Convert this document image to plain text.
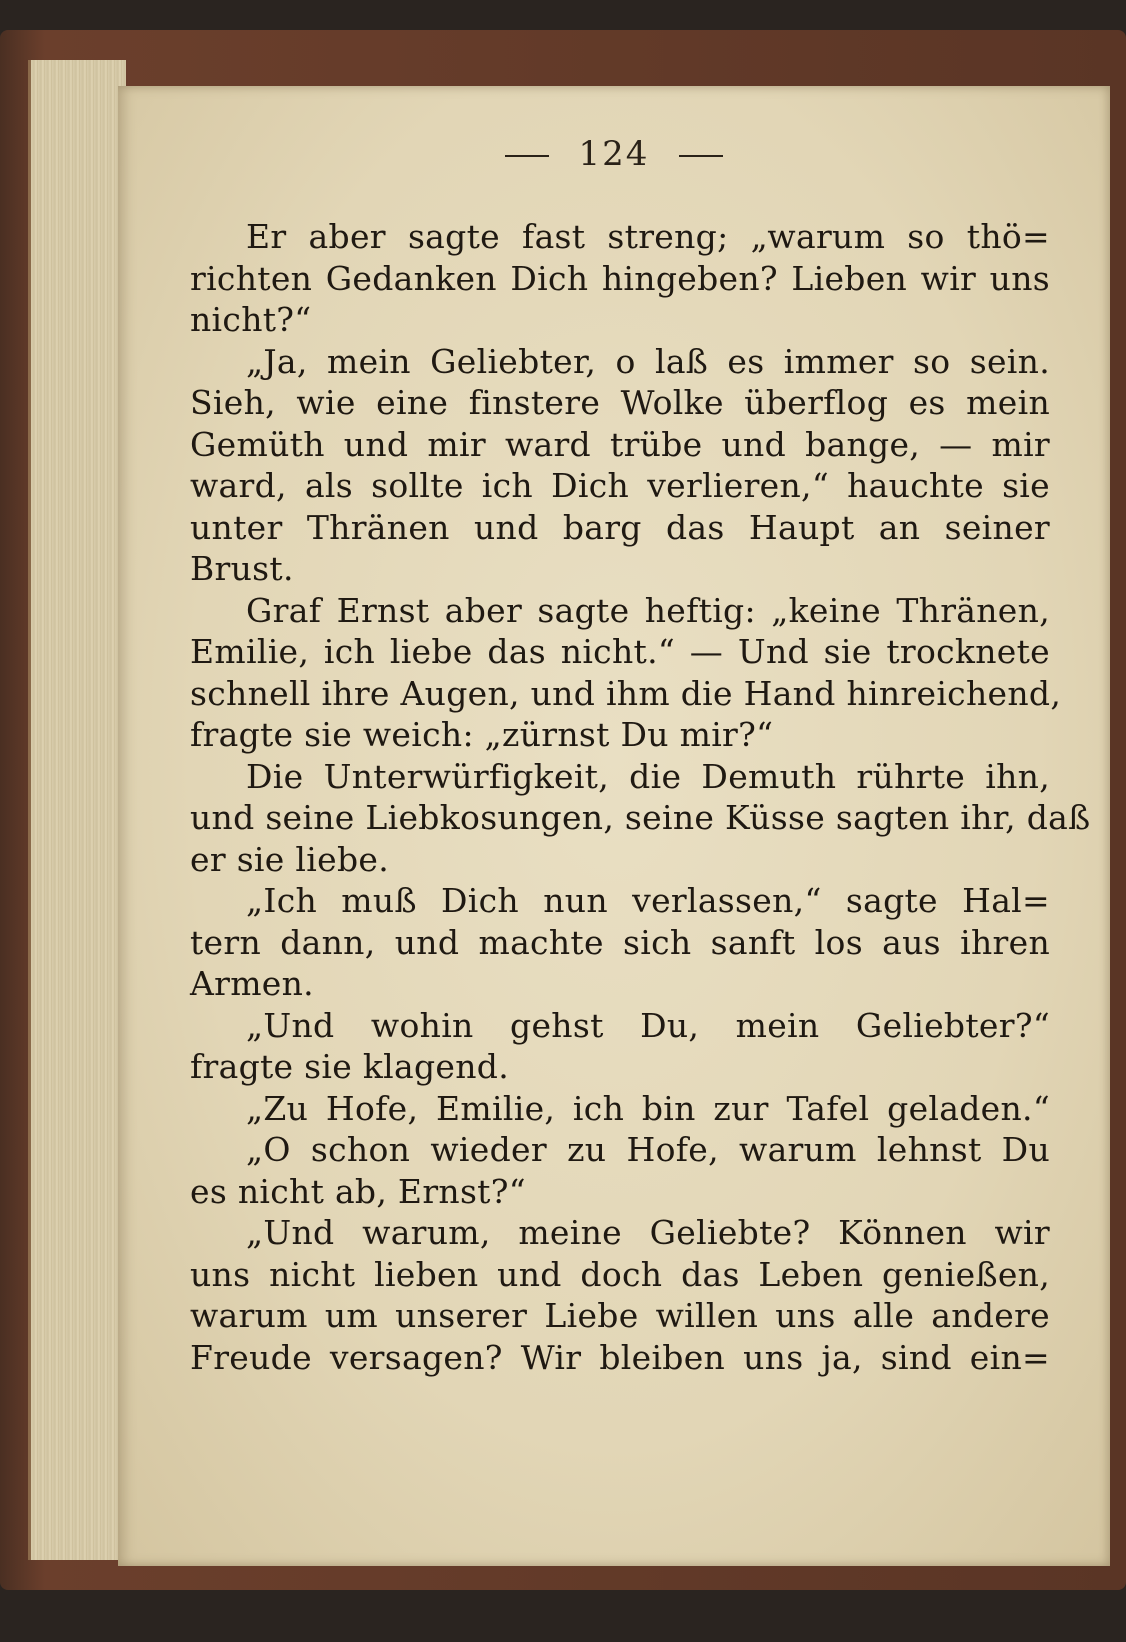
124
Er aber sagte fast streng; „warum so thö=
richten Gedanken Dich hingeben? Lieben wir uns
nicht?“
„Ja, mein Geliebter, o laß es immer so sein.
Sieh, wie eine finstere Wolke überflog es mein
Gemüth und mir ward trübe und bange, — mir
ward, als sollte ich Dich verlieren,“ hauchte sie
unter Thränen und barg das Haupt an seiner
Brust.
Graf Ernst aber sagte heftig: „keine Thränen,
Emilie, ich liebe das nicht.“ — Und sie trocknete
schnell ihre Augen, und ihm die Hand hinreichend,
fragte sie weich: „zürnst Du mir?“
Die Unterwürfigkeit, die Demuth rührte ihn,
und seine Liebkosungen, seine Küsse sagten ihr, daß
er sie liebe.
„Ich muß Dich nun verlassen,“ sagte Hal=
tern dann, und machte sich sanft los aus ihren
Armen.
„Und wohin gehst Du, mein Geliebter?“
fragte sie klagend.
„Zu Hofe, Emilie, ich bin zur Tafel geladen.“
„O schon wieder zu Hofe, warum lehnst Du
es nicht ab, Ernst?“
„Und warum, meine Geliebte? Können wir
uns nicht lieben und doch das Leben genießen,
warum um unserer Liebe willen uns alle andere
Freude versagen? Wir bleiben uns ja, sind ein=
